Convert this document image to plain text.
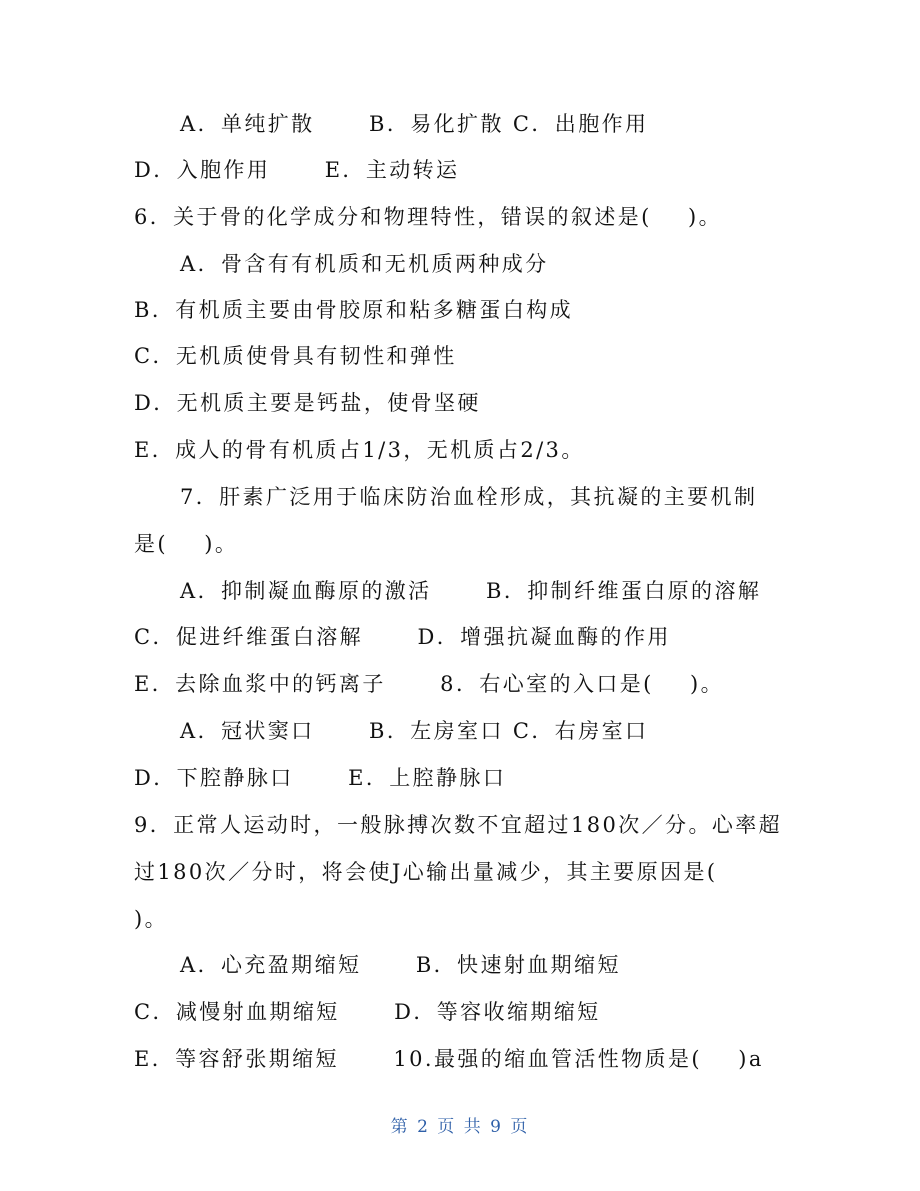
A．单纯扩散      B．易化扩散 C．出胞作用
D．入胞作用      E．主动转运
6．关于骨的化学成分和物理特性，错误的叙述是(    )。
A．骨含有有机质和无机质两种成分
B．有机质主要由骨胶原和粘多糖蛋白构成
C．无机质使骨具有韧性和弹性
D．无机质主要是钙盐，使骨坚硬
E．成人的骨有机质占1/3，无机质占2/3。
7．肝素广泛用于临床防治血栓形成，其抗凝的主要机制
是(    )。
A．抑制凝血酶原的激活      B．抑制纤维蛋白原的溶解
C．促进纤维蛋白溶解      D．增强抗凝血酶的作用
E．去除血浆中的钙离子      8．右心室的入口是(    )。
A．冠状窦口      B．左房室口 C．右房室口
D．下腔静脉口      E．上腔静脉口
9．正常人运动时，一般脉搏次数不宜超过180次／分。心率超
过180次／分时，将会使J心输出量减少，其主要原因是(
)。
A．心充盈期缩短      B．快速射血期缩短
C．减慢射血期缩短      D．等容收缩期缩短
E．等容舒张期缩短      10.最强的缩血管活性物质是(    )a
第 2 页 共 9 页
